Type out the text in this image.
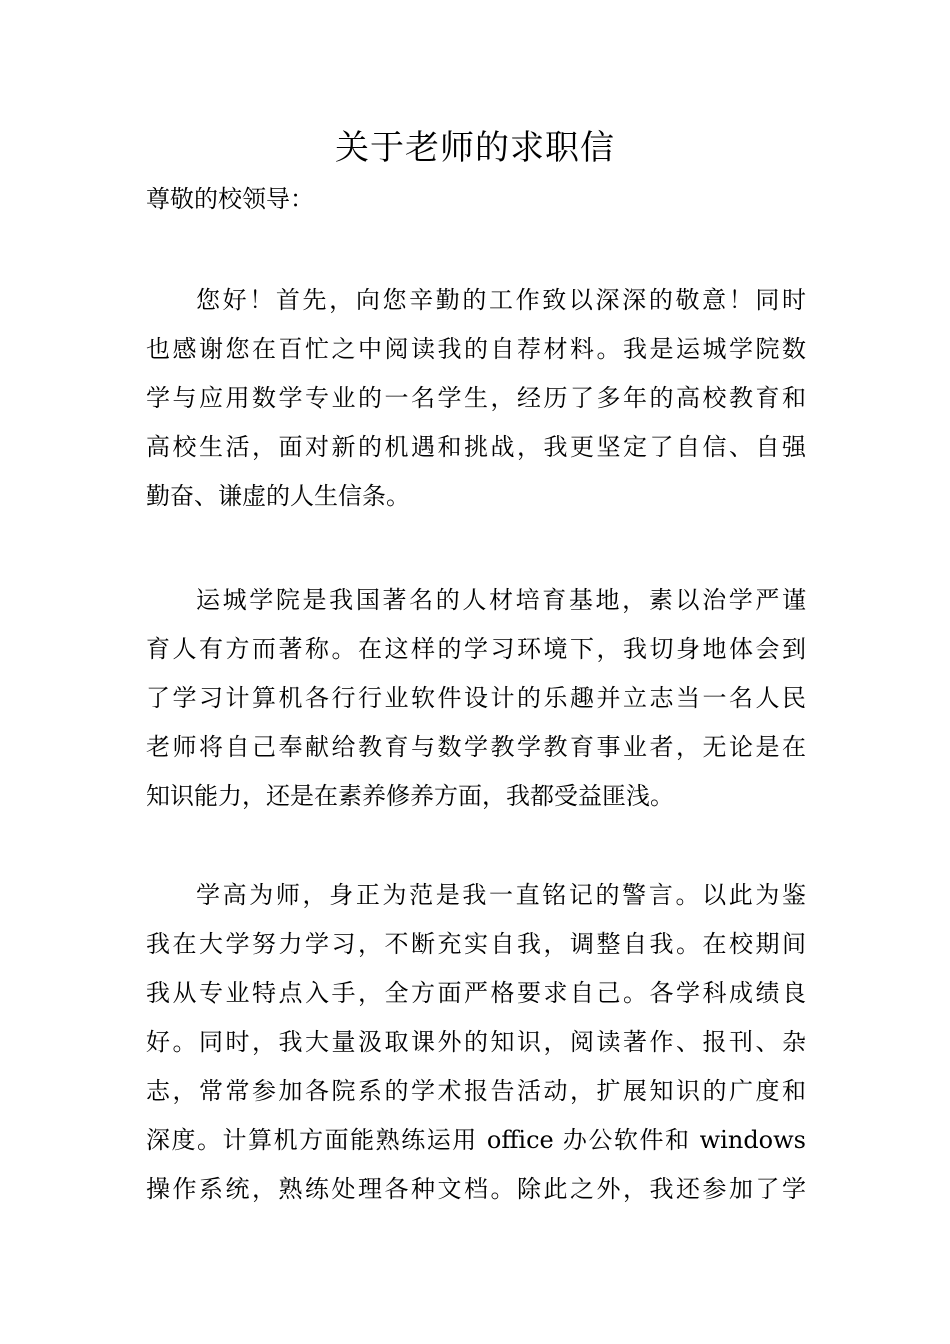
关于老师的求职信

尊敬的校领导：

您好！首先，向您辛勤的工作致以深深的敬意！同时
也感谢您在百忙之中阅读我的自荐材料。我是运城学院数
学与应用数学专业的一名学生，经历了多年的高校教育和
高校生活，面对新的机遇和挑战，我更坚定了自信、自强
勤奋、谦虚的人生信条。
运城学院是我国著名的人材培育基地，素以治学严谨
育人有方而著称。在这样的学习环境下，我切身地体会到
了学习计算机各行行业软件设计的乐趣并立志当一名人民
老师将自己奉献给教育与数学教学教育事业者，无论是在
知识能力，还是在素养修养方面，我都受益匪浅。
学高为师，身正为范是我一直铭记的警言。以此为鉴
我在大学努力学习，不断充实自我，调整自我。在校期间
我从专业特点入手，全方面严格要求自己。各学科成绩良
好。同时，我大量汲取课外的知识，阅读著作、报刊、杂
志，常常参加各院系的学术报告活动，扩展知识的广度和
深度。计算机方面能熟练运用 office 办公软件和 windows
操作系统，熟练处理各种文档。除此之外，我还参加了学
